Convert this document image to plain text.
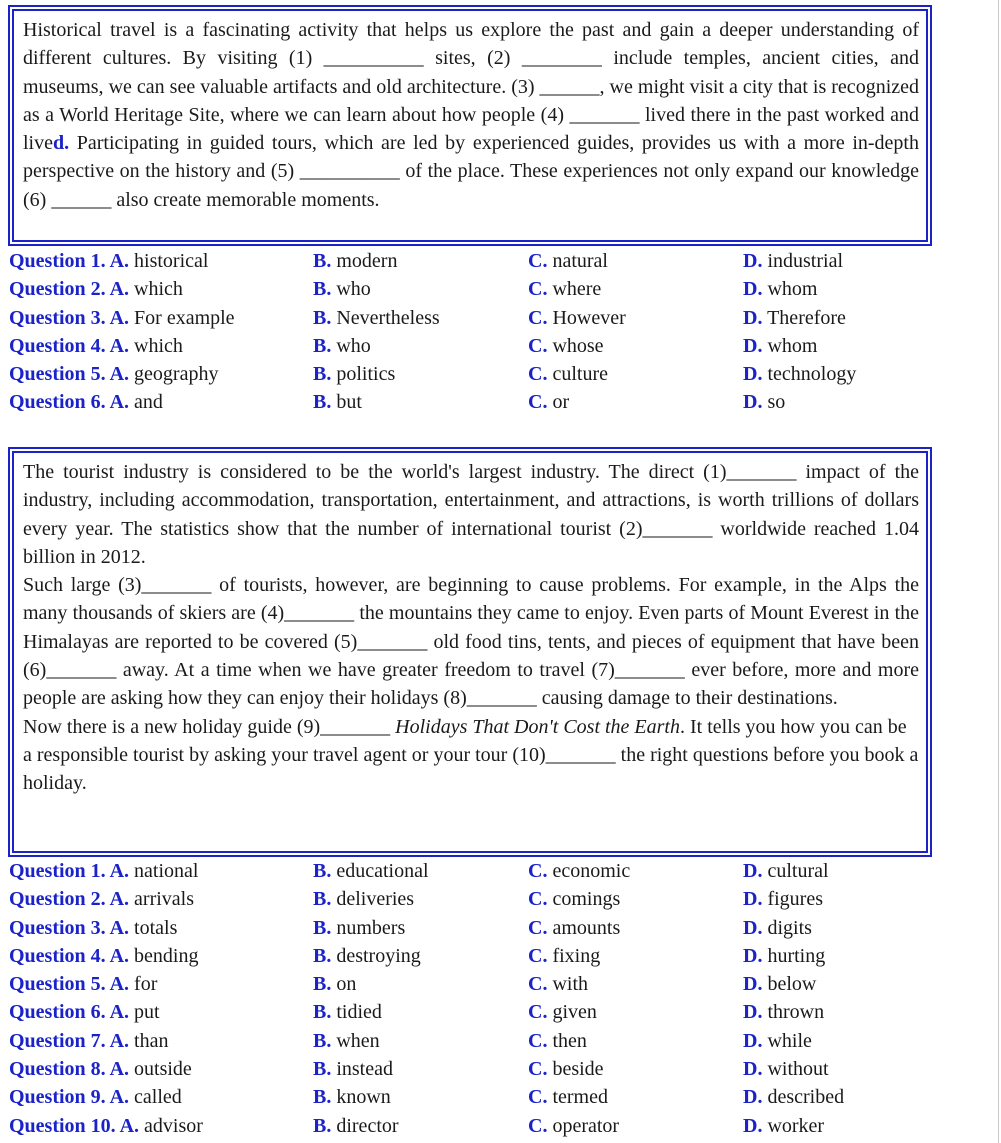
Historical travel is a fascinating activity that helps us explore the past and gain a deeper understanding of different cultures. By visiting (1) __________ sites, (2) ________ include temples, ancient cities, and museums, we can see valuable artifacts and old architecture. (3) ______, we might visit a city that is recognized as a World Heritage Site, where we can learn about how people (4) _______ lived there in the past worked and lived. Participating in guided tours, which are led by experienced guides, provides us with a more in-depth perspective on the history and (5) __________ of the place. These experiences not only expand our knowledge (6) ______ also create memorable moments.

Question 1. A. historical	B. modern	C. natural	D. industrial
Question 2. A. which	B. who	C. where	D. whom
Question 3. A. For example	B. Nevertheless	C. However	D. Therefore
Question 4. A. which	B. who	C. whose	D. whom
Question 5. A. geography	B. politics	C. culture	D. technology
Question 6. A. and	B. but	C. or	D. so

The tourist industry is considered to be the world's largest industry. The direct (1)_______ impact of the industry, including accommodation, transportation, entertainment, and attractions, is worth trillions of dollars every year. The statistics show that the number of international tourist (2)_______ worldwide reached 1.04 billion in 2012.

Such large (3)_______ of tourists, however, are beginning to cause problems. For example, in the Alps the many thousands of skiers are (4)_______ the mountains they came to enjoy. Even parts of Mount Everest in the Himalayas are reported to be covered (5)_______ old food tins, tents, and pieces of equipment that have been (6)_______ away. At a time when we have greater freedom to travel (7)_______ ever before, more and more people are asking how they can enjoy their holidays (8)_______ causing damage to their destinations.

Now there is a new holiday guide (9)_______ Holidays That Don't Cost the Earth. It tells you how you can be a responsible tourist by asking your travel agent or your tour (10)_______ the right questions before you book a holiday.

Question 1. A. national	B. educational	C. economic	D. cultural
Question 2. A. arrivals	B. deliveries	C. comings	D. figures
Question 3. A. totals	B. numbers	C. amounts	D. digits
Question 4. A. bending	B. destroying	C. fixing	D. hurting
Question 5. A. for	B. on	C. with	D. below
Question 6. A. put	B. tidied	C. given	D. thrown
Question 7. A. than	B. when	C. then	D. while
Question 8. A. outside	B. instead	C. beside	D. without
Question 9. A. called	B. known	C. termed	D. described
Question 10. A. advisor	B. director	C. operator	D. worker
